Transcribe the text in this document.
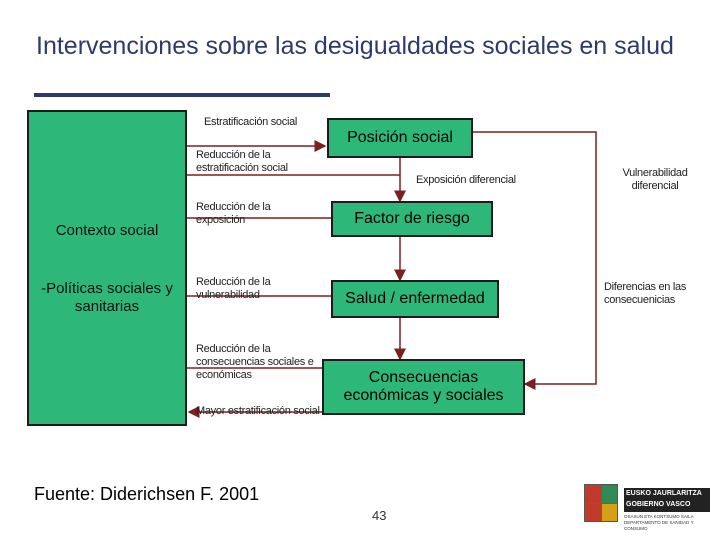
Intervenciones sobre las desigualdades sociales en salud
Contexto social
-Políticas sociales y sanitarias
Posición social
Factor de riesgo
Salud / enfermedad
Consecuencias económicas y sociales
Estratificación social
Reducción de la estratificación social
Reducción de la exposición
Reducción de la vulnerabilidad
Reducción de la consecuencias sociales e económicas
Mayor estratificación social
Exposición diferencial
Vulnerabilidad diferencial
Diferencias en las consecuenicias
Fuente: Diderichsen F. 2001
43
EUSKO JAURLARITZA
GOBIERNO VASCO
OSASUN ETA KONTSUMO SAILA
DEPARTAMENTO DE SANIDAD Y CONSUMO
